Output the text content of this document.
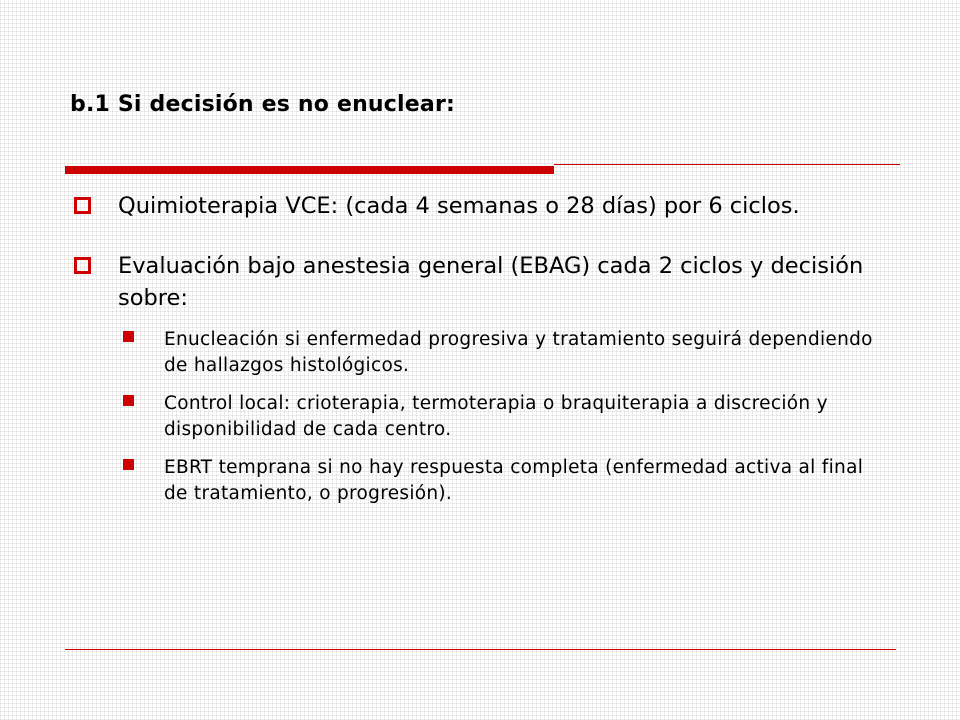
b.1 Si decisión es no enuclear:
Quimioterapia VCE: (cada 4 semanas o 28 días) por 6 ciclos.
Evaluación bajo anestesia general (EBAG) cada 2 ciclos y decisión sobre:
Enucleación si enfermedad progresiva y tratamiento seguirá dependiendo de hallazgos histológicos.
Control local: crioterapia, termoterapia o braquiterapia a discreción y disponibilidad de cada centro.
EBRT temprana si no hay respuesta completa (enfermedad activa al final de tratamiento, o progresión).
